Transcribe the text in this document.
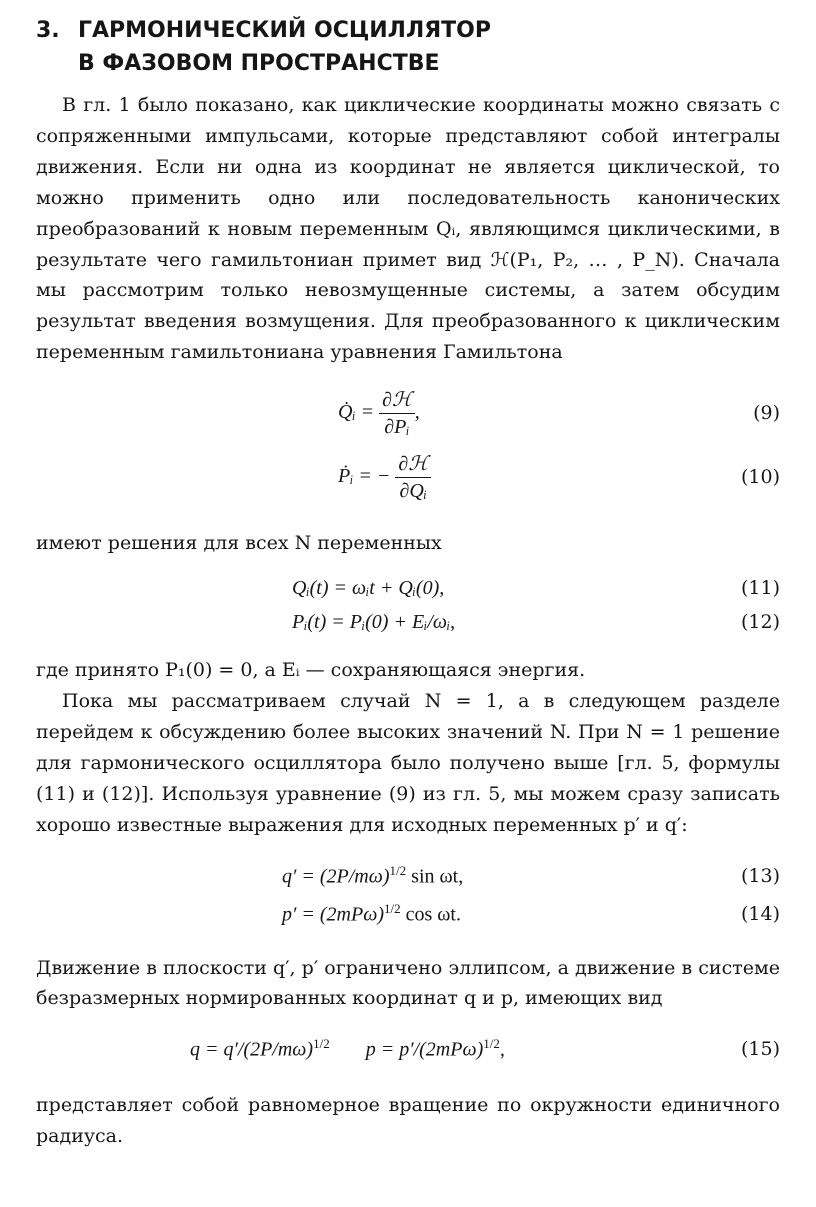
3. ГАРМОНИЧЕСКИЙ ОСЦИЛЛЯТОР
В ФАЗОВОМ ПРОСТРАНСТВЕ

В гл. 1 было показано, как циклические координаты можно связать с сопряженными импульсами, которые представляют собой интегралы движения. Если ни одна из координат не является циклической, то можно применить одно или последовательность канонических преобразований к новым переменным Qᵢ, являющимся циклическими, в результате чего гамильтониан примет вид ℋ(P₁, P₂, … , P_N). Сначала мы рассмотрим только невозмущенные системы, а затем обсудим результат введения возмущения. Для преобразованного к циклическим переменным гамильтониана уравнения Гамильтона

Q̇ᵢ = $\frac{\text{∂ℋ}}{\text{∂Pᵢ}}$ ,	(9)
Ṗᵢ = − $\frac{\text{∂ℋ}}{\text{∂Qᵢ}}$	(10)

имеют решения для всех N переменных

Qᵢ(t) = ωᵢt + Qᵢ(0),	(11)
Pᵢ(t) = Pᵢ(0) + Eᵢ/ωᵢ,	(12)

где принято P₁(0) = 0, а Eᵢ — сохраняющаяся энергия.

Пока мы рассматриваем случай N = 1, а в следующем разделе перейдем к обсуждению более высоких значений N. При N = 1 решение для гармонического осциллятора было получено выше [гл. 5, формулы (11) и (12)]. Используя уравнение (9) из гл. 5, мы можем сразу записать хорошо известные выражения для исходных переменных p′ и q′:

$q' = (2P/m\omega)^{1/2}$ sin ωt,	(13)
$p' = (2mP\omega)^{1/2}$ cos ωt.	(14)

Движение в плоскости q′, p′ ограничено эллипсом, а движение в системе безразмерных нормированных координат q и p, имеющих вид

$q = q'/(2P/m\omega)^{1/2}$ $p = p'/(2mP\omega)^{1/2}$,	(15)

представляет собой равномерное вращение по окружности единичного радиуса.
